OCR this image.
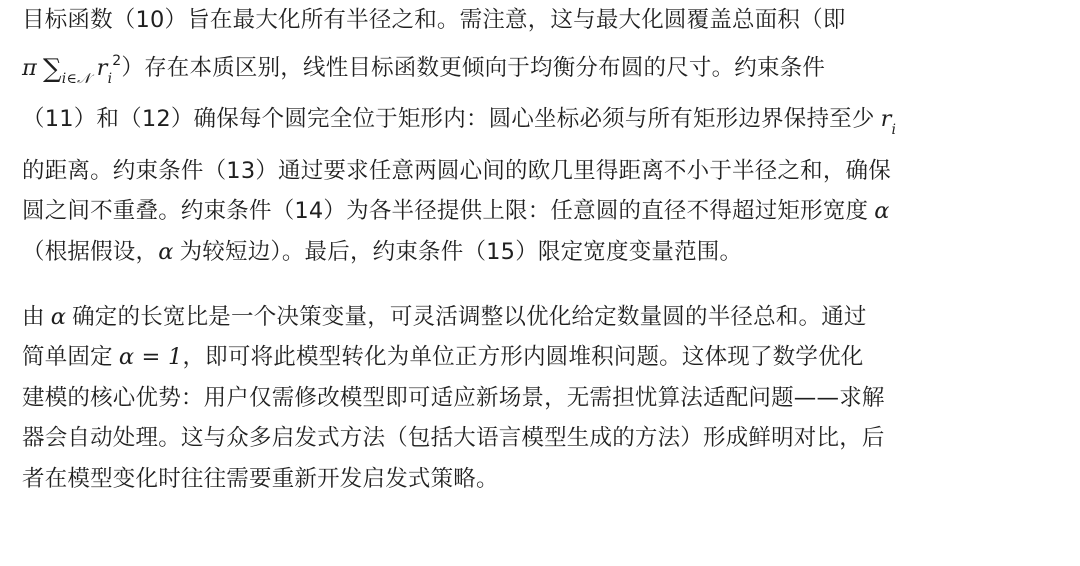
目标函数（10）旨在最大化所有半径之和。需注意，这与最大化圆覆盖总面积（即
π $\sum_{i\in 𝒩}$ $r_i^2$）存在本质区别，线性目标函数更倾向于均衡分布圆的尺寸。约束条件
（11）和（12）确保每个圆完全位于矩形内：圆心坐标必须与所有矩形边界保持至少 $r_i$
的距离。约束条件（13）通过要求任意两圆心间的欧几里得距离不小于半径之和，确保
圆之间不重叠。约束条件（14）为各半径提供上限：任意圆的直径不得超过矩形宽度 α
（根据假设，α 为较短边）。最后，约束条件（15）限定宽度变量范围。

由 α 确定的长宽比是一个决策变量，可灵活调整以优化给定数量圆的半径总和。通过
简单固定 α = 1，即可将此模型转化为单位正方形内圆堆积问题。这体现了数学优化
建模的核心优势：用户仅需修改模型即可适应新场景，无需担忧算法适配问题——求解
器会自动处理。这与众多启发式方法（包括大语言模型生成的方法）形成鲜明对比，后
者在模型变化时往往需要重新开发启发式策略。
